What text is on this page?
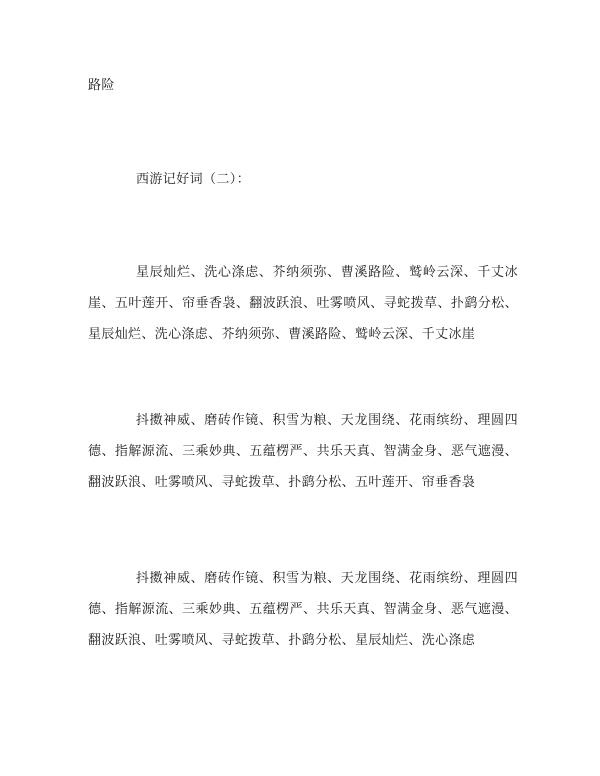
路险
西游记好词（二）：
星辰灿烂、洗心涤虑、芥纳须弥、曹溪路险、鹫岭云深、千丈冰崖、五叶莲开、帘垂香袅、翻波跃浪、吐雾喷风、寻蛇拨草、扑鹞分松、星辰灿烂、洗心涤虑、芥纳须弥、曹溪路险、鹫岭云深、千丈冰崖
抖擞神威、磨砖作镜、积雪为粮、天龙围绕、花雨缤纷、理圆四德、指解源流、三乘妙典、五蕴楞严、共乐天真、智满金身、恶气遮漫、翻波跃浪、吐雾喷风、寻蛇拨草、扑鹞分松、五叶莲开、帘垂香袅
抖擞神威、磨砖作镜、积雪为粮、天龙围绕、花雨缤纷、理圆四德、指解源流、三乘妙典、五蕴楞严、共乐天真、智满金身、恶气遮漫、翻波跃浪、吐雾喷风、寻蛇拨草、扑鹞分松、星辰灿烂、洗心涤虑
